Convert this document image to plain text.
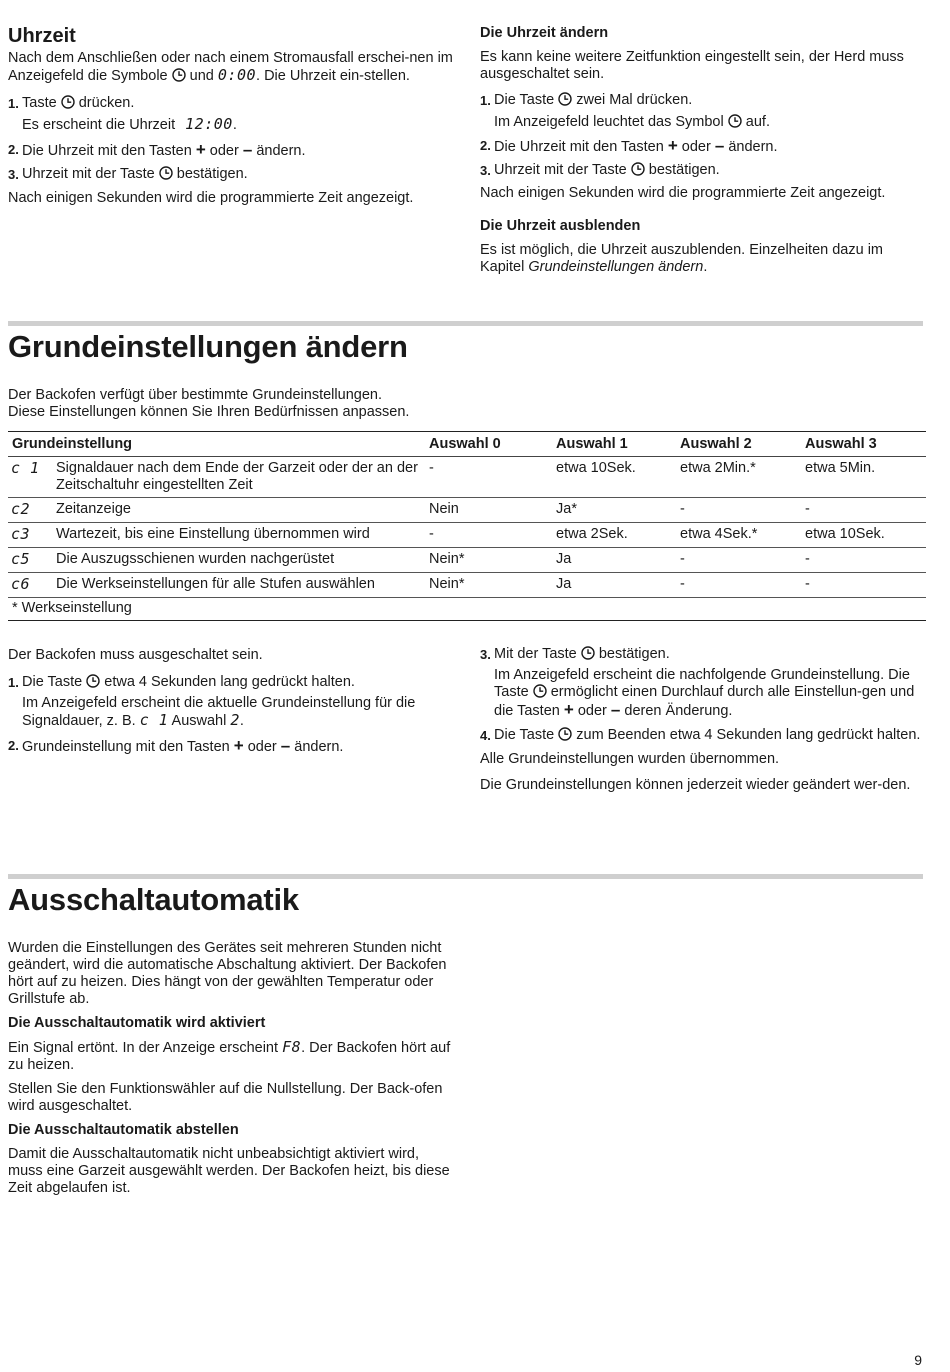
Uhrzeit

Nach dem Anschließen oder nach einem Stromausfall erschei-nen im Anzeigefeld die Symbole und 0:00. Die Uhrzeit ein-stellen.

1. Taste drücken.
Es erscheint die Uhrzeit 12:00.
2. Die Uhrzeit mit den Tasten + oder – ändern.
3. Uhrzeit mit der Taste bestätigen.

Nach einigen Sekunden wird die programmierte Zeit angezeigt.

Die Uhrzeit ändern

Es kann keine weitere Zeitfunktion eingestellt sein, der Herd muss ausgeschaltet sein.

1. Die Taste zwei Mal drücken.
Im Anzeigefeld leuchtet das Symbol auf.
2. Die Uhrzeit mit den Tasten + oder – ändern.
3. Uhrzeit mit der Taste bestätigen.

Nach einigen Sekunden wird die programmierte Zeit angezeigt.

Die Uhrzeit ausblenden

Es ist möglich, die Uhrzeit auszublenden. Einzelheiten dazu im Kapitel Grundeinstellungen ändern.

Grundeinstellungen ändern

Der Backofen verfügt über bestimmte Grundeinstellungen.

Diese Einstellungen können Sie Ihren Bedürfnissen anpassen.

Grundeinstellung		Auswahl 0	Auswahl 1	Auswahl 2	Auswahl 3
c 1	Signaldauer nach dem Ende der Garzeit oder der an der Zeitschaltuhr eingestellten Zeit	-	etwa 10Sek.	etwa 2Min.*	etwa 5Min.
c2	Zeitanzeige	Nein	Ja*	-	-
c3	Wartezeit, bis eine Einstellung übernommen wird	-	etwa 2Sek.	etwa 4Sek.*	etwa 10Sek.
c5	Die Auszugsschienen wurden nachgerüstet	Nein*	Ja	-	-
c6	Die Werkseinstellungen für alle Stufen auswählen	Nein*	Ja	-	-
* Werkseinstellung					

Der Backofen muss ausgeschaltet sein.

1. Die Taste etwa 4 Sekunden lang gedrückt halten.
Im Anzeigefeld erscheint die aktuelle Grundeinstellung für die Signaldauer, z. B. c 1 Auswahl 2.
2. Grundeinstellung mit den Tasten + oder – ändern.
3. Mit der Taste bestätigen.
Im Anzeigefeld erscheint die nachfolgende Grundeinstellung. Die Taste ermöglicht einen Durchlauf durch alle Einstellun-gen und die Tasten + oder – deren Änderung.
4. Die Taste zum Beenden etwa 4 Sekunden lang gedrückt halten.

Alle Grundeinstellungen wurden übernommen.

Die Grundeinstellungen können jederzeit wieder geändert wer-den.

Ausschaltautomatik

Wurden die Einstellungen des Gerätes seit mehreren Stunden nicht geändert, wird die automatische Abschaltung aktiviert. Der Backofen hört auf zu heizen. Dies hängt von der gewählten Temperatur oder Grillstufe ab.

Die Ausschaltautomatik wird aktiviert

Ein Signal ertönt. In der Anzeige erscheint F8. Der Backofen hört auf zu heizen.

Stellen Sie den Funktionswähler auf die Nullstellung. Der Back-ofen wird ausgeschaltet.

Die Ausschaltautomatik abstellen

Damit die Ausschaltautomatik nicht unbeabsichtigt aktiviert wird, muss eine Garzeit ausgewählt werden. Der Backofen heizt, bis diese Zeit abgelaufen ist.

9
